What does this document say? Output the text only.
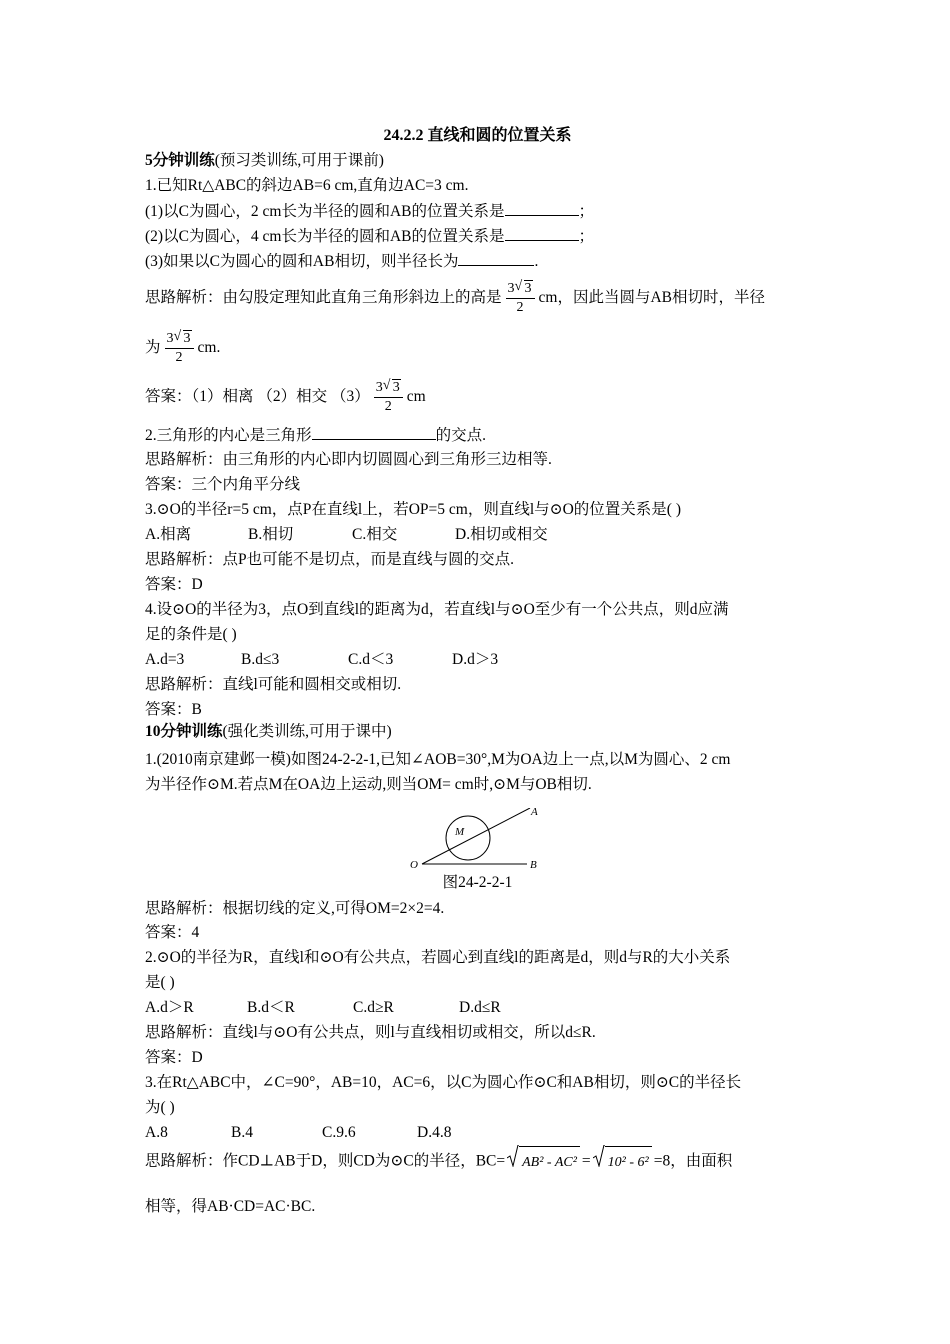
24.2.2 直线和圆的位置关系
5分钟训练(预习类训练,可用于课前)
1.已知Rt△ABC的斜边AB=6 cm,直角边AC=3 cm.
(1)以C为圆心，2 cm长为半径的圆和AB的位置关系是	；
(2)以C为圆心，4 cm长为半径的圆和AB的位置关系是	；
(3)如果以C为圆心的圆和AB相切，则半径长为	.
思路解析：由勾股定理知此直角三角形斜边上的高是 $\frac{3 √ 3}{2}$ cm，因此当圆与AB相切时，半径
为 $\frac{3 √ 3}{2}$ cm.
答案：（1）相离 （2）相交 $(3) \frac{3 √ 3}{2}$ cm
2.三角形的内心是三角形	的交点.
思路解析：由三角形的内心即内切圆圆心到三角形三边相等.
答案：三个内角平分线
3.⊙O的半径r=5 cm，点P在直线l上，若OP=5 cm，则直线l与⊙O的位置关系是( )
A.相离	B.相切	C.相交	D.相切或相交
思路解析：点P也可能不是切点，而是直线与圆的交点.
答案：D
4.设⊙O的半径为3，点O到直线l的距离为d，若直线l与⊙O至少有一个公共点，则d应满
足的条件是( )
A.d=3	B.d≤3	C.d＜3	D.d＞3
思路解析：直线l可能和圆相交或相切.
答案：B
10分钟训练(强化类训练,可用于课中)
1.(2010南京建邺一模)如图24-2-2-1,已知∠AOB=30°,M为OA边上一点,以M为圆心、2 cm
为半径作⊙M.若点M在OA边上运动,则当OM= cm时,⊙M与OB相切.
A
M
O	B
图24-2-2-1
思路解析：根据切线的定义,可得OM=2×2=4.
答案：4
2.⊙O的半径为R，直线l和⊙O有公共点，若圆心到直线l的距离是d，则d与R的大小关系
是( )
A.d＞R	B.d＜R	C.d≥R	D.d≤R
思路解析：直线l与⊙O有公共点，则l与直线相切或相交，所以d≤R.
答案：D
3.在Rt△ABC中，∠C=90°，AB=10，AC=6，以C为圆心作⊙C和AB相切，则⊙C的半径长
为( )
A.8	B.4	C.9.6	D.4.8
思路解析：作CD⊥AB于D，则CD为⊙C的半径，BC= AB² - AC² = 10² - 6² =8，由面积
相等，得AB·CD=AC·BC.
